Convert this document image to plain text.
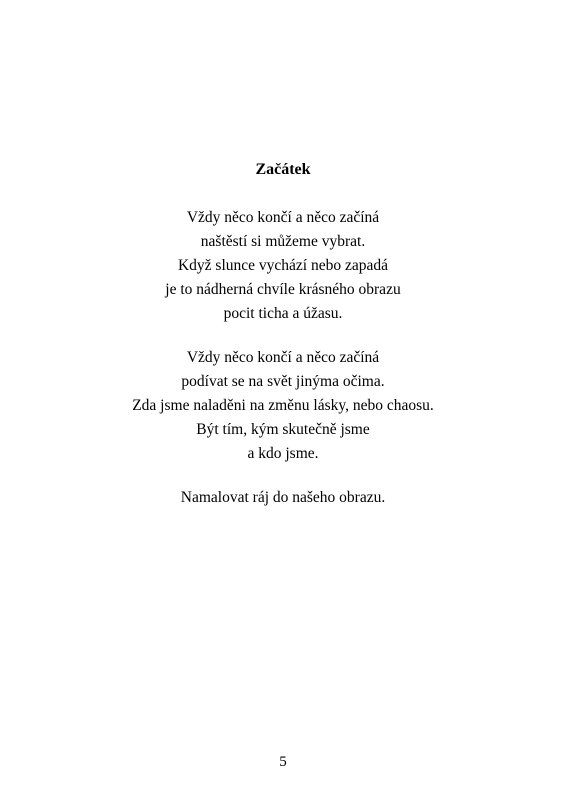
Začátek
Vždy něco končí a něco začíná
naštěstí si můžeme vybrat.
Když slunce vychází nebo zapadá
je to nádherná chvíle krásného obrazu
pocit ticha a úžasu.
Vždy něco končí a něco začíná
podívat se na svět jinýma očima.
Zda jsme naladěni na změnu lásky, nebo chaosu.
Být tím, kým skutečně jsme
a kdo jsme.
Namalovat ráj do našeho obrazu.
5
